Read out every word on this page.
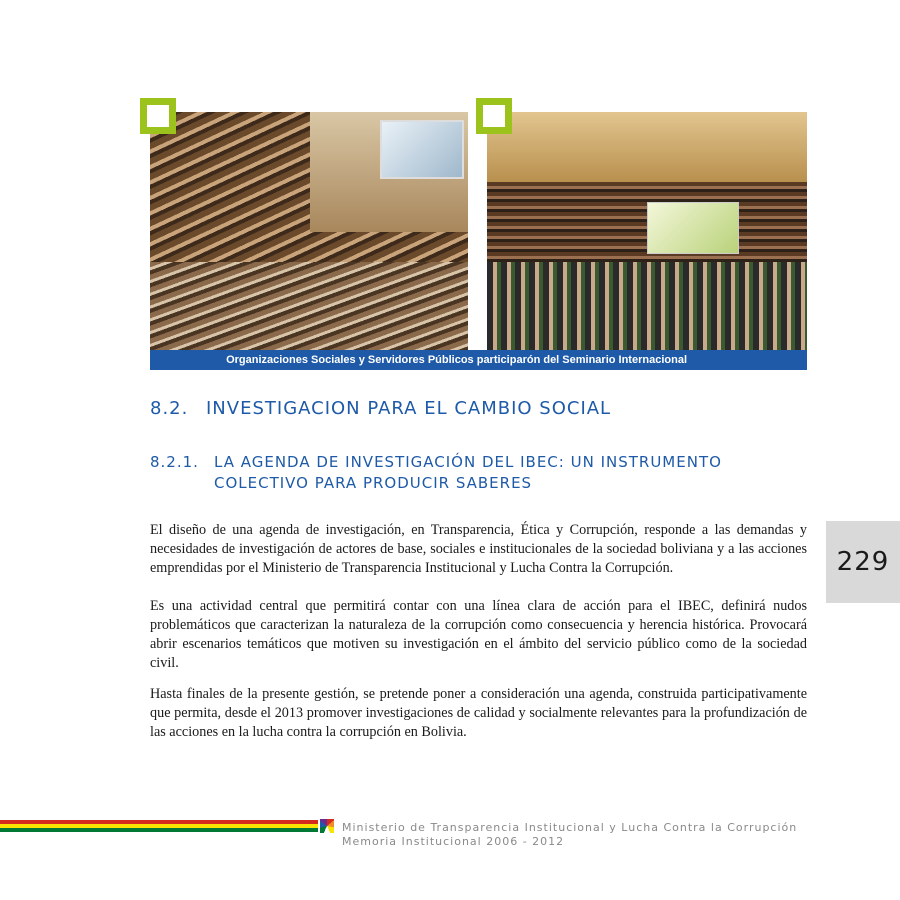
Organizaciones Sociales y Servidores Públicos participarón del Seminario Internacional
8.2. INVESTIGACION PARA EL CAMBIO SOCIAL
8.2.1. LA AGENDA DE INVESTIGACIÓN DEL IBEC: UN INSTRUMENTO COLECTIVO PARA PRODUCIR SABERES
El diseño de una agenda de investigación, en Transparencia, Ética y Corrupción, responde a las demandas y necesidades de investigación de actores de base, sociales e institucionales de la sociedad boliviana y a las acciones emprendidas por el Ministerio de Transparencia Institucional y Lucha Contra la Corrupción.
Es una actividad central que permitirá contar con una línea clara de acción para el IBEC, definirá nudos problemáticos que caracterizan la naturaleza de la corrupción como consecuencia y herencia histórica. Provocará abrir escenarios temáticos que motiven su investigación en el ámbito del servicio público como de la sociedad civil.
Hasta finales de la presente gestión, se pretende poner a consideración una agenda, construida participativamente que permita, desde el 2013 promover investigaciones de calidad y socialmente relevantes para la profundización de las acciones en la lucha contra la corrupción en Bolivia.
229
Ministerio de Transparencia Institucional y Lucha Contra la Corrupción
Memoria Institucional 2006 - 2012
